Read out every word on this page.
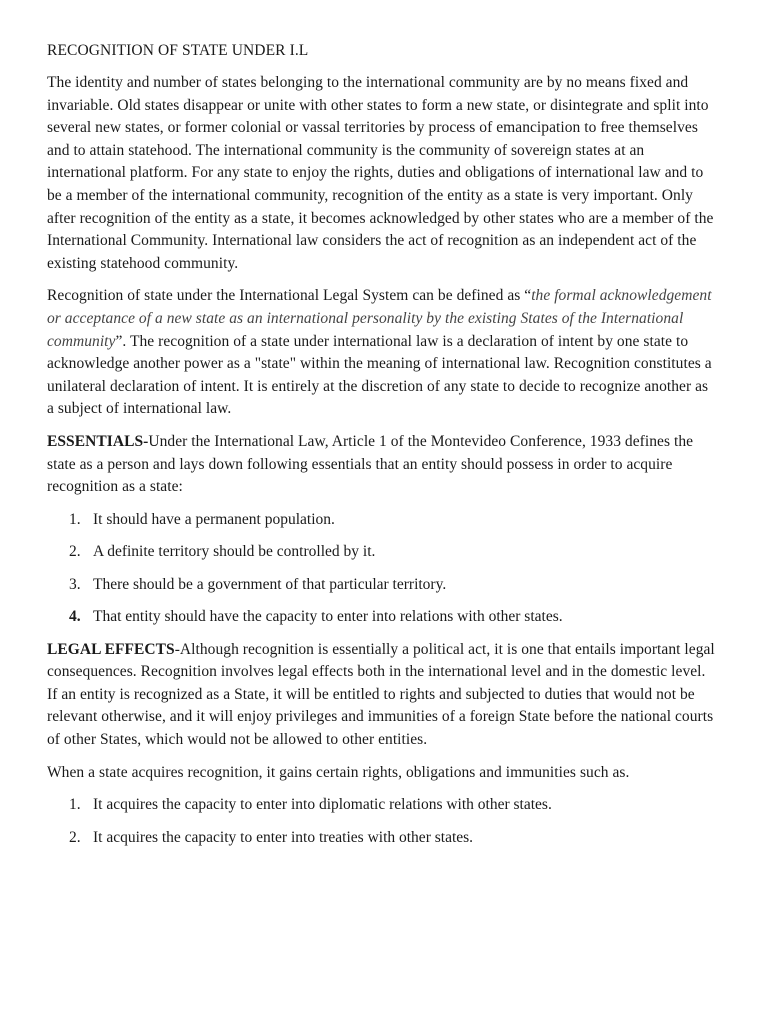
RECOGNITION OF STATE UNDER I.L

The identity and number of states belonging to the international community are by no means fixed and invariable. Old states disappear or unite with other states to form a new state, or disintegrate and split into several new states, or former colonial or vassal territories by process of emancipation to free themselves and to attain statehood. The international community is the community of sovereign states at an international platform. For any state to enjoy the rights, duties and obligations of international law and to be a member of the international community, recognition of the entity as a state is very important. Only after recognition of the entity as a state, it becomes acknowledged by other states who are a member of the International Community. International law considers the act of recognition as an independent act of the existing statehood community.

Recognition of state under the International Legal System can be defined as “the formal acknowledgement or acceptance of a new state as an international personality by the existing States of the International community”. The recognition of a state under international law is a declaration of intent by one state to acknowledge another power as a "state" within the meaning of international law. Recognition constitutes a unilateral declaration of intent. It is entirely at the discretion of any state to decide to recognize another as a subject of international law.

ESSENTIALS-Under the International Law, Article 1 of the Montevideo Conference, 1933 defines the state as a person and lays down following essentials that an entity should possess in order to acquire recognition as a state:

1. It should have a permanent population.
2. A definite territory should be controlled by it.
3. There should be a government of that particular territory.
4. That entity should have the capacity to enter into relations with other states.

LEGAL EFFECTS-Although recognition is essentially a political act, it is one that entails important legal consequences. Recognition involves legal effects both in the international level and in the domestic level. If an entity is recognized as a State, it will be entitled to rights and subjected to duties that would not be relevant otherwise, and it will enjoy privileges and immunities of a foreign State before the national courts of other States, which would not be allowed to other entities.

When a state acquires recognition, it gains certain rights, obligations and immunities such as.

1. It acquires the capacity to enter into diplomatic relations with other states.
2. It acquires the capacity to enter into treaties with other states.
